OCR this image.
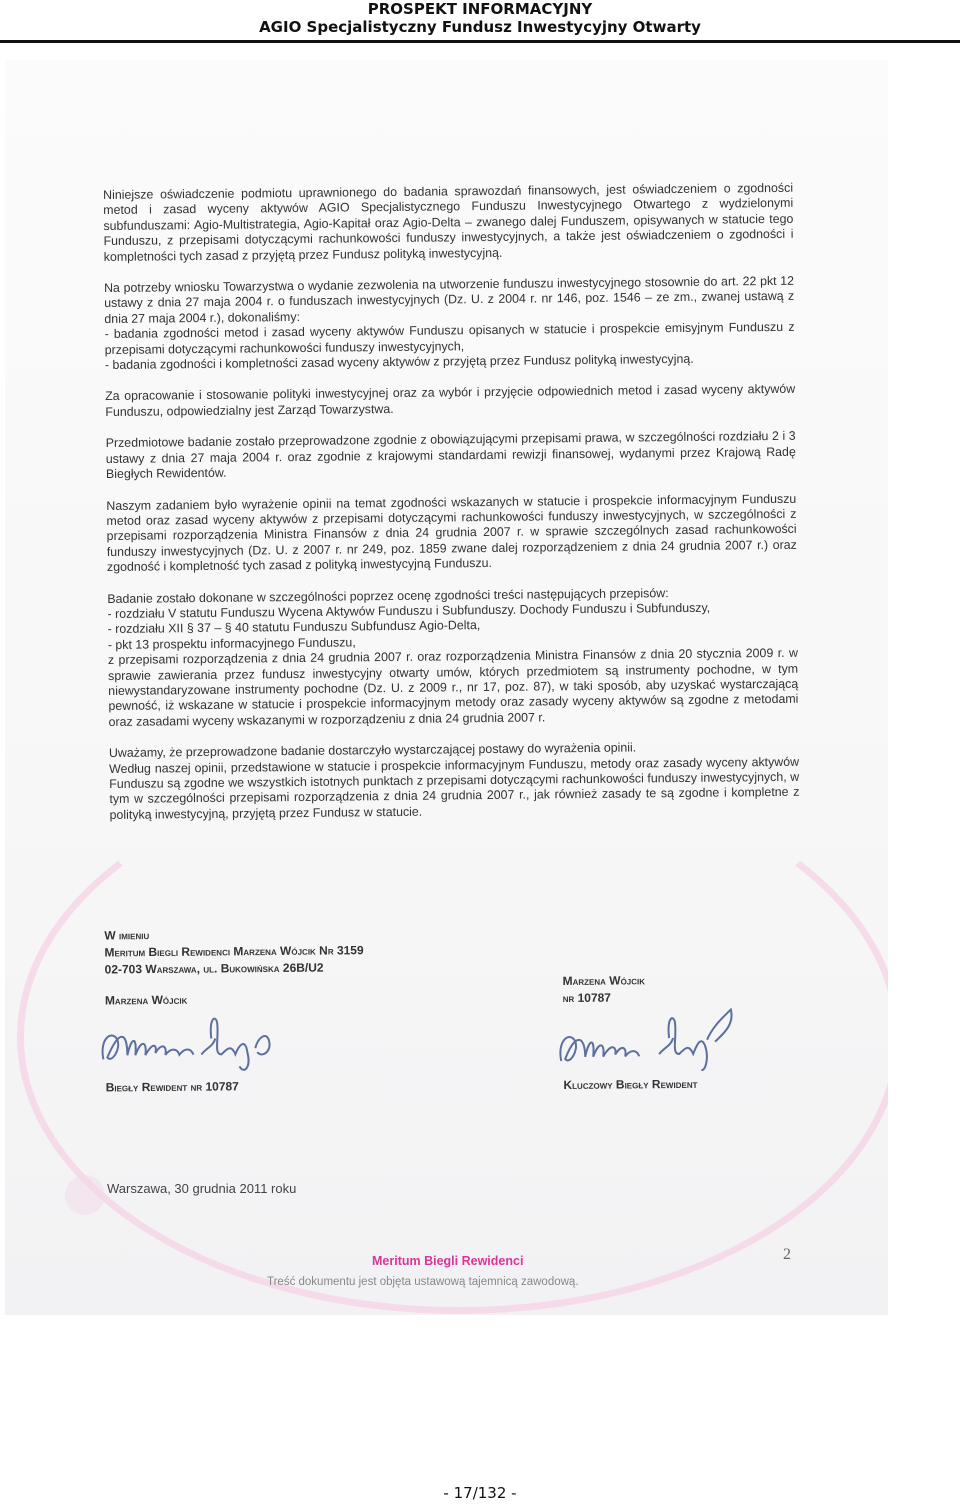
PROSPEKT INFORMACYJNY
AGIO Specjalistyczny Fundusz Inwestycyjny Otwarty

Niniejsze oświadczenie podmiotu uprawnionego do badania sprawozdań finansowych, jest oświadczeniem o zgodności metod i zasad wyceny aktywów AGIO Specjalistycznego Funduszu Inwestycyjnego Otwartego z wydzielonymi subfunduszami: Agio-Multistrategia, Agio-Kapitał oraz Agio-Delta – zwanego dalej Funduszem, opisywanych w statucie tego Funduszu, z przepisami dotyczącymi rachunkowości funduszy inwestycyjnych, a także jest oświadczeniem o zgodności i kompletności tych zasad z przyjętą przez Fundusz polityką inwestycyjną.

Na potrzeby wniosku Towarzystwa o wydanie zezwolenia na utworzenie funduszu inwestycyjnego stosownie do art. 22 pkt 12 ustawy z dnia 27 maja 2004 r. o funduszach inwestycyjnych (Dz. U. z 2004 r. nr 146, poz. 1546 – ze zm., zwanej ustawą z dnia 27 maja 2004 r.), dokonaliśmy:
- badania zgodności metod i zasad wyceny aktywów Funduszu opisanych w statucie i prospekcie emisyjnym Funduszu z przepisami dotyczącymi rachunkowości funduszy inwestycyjnych,
- badania zgodności i kompletności zasad wyceny aktywów z przyjętą przez Fundusz polityką inwestycyjną.

Za opracowanie i stosowanie polityki inwestycyjnej oraz za wybór i przyjęcie odpowiednich metod i zasad wyceny aktywów Funduszu, odpowiedzialny jest Zarząd Towarzystwa.

Przedmiotowe badanie zostało przeprowadzone zgodnie z obowiązującymi przepisami prawa, w szczególności rozdziału 2 i 3 ustawy z dnia 27 maja 2004 r. oraz zgodnie z krajowymi standardami rewizji finansowej, wydanymi przez Krajową Radę Biegłych Rewidentów.

Naszym zadaniem było wyrażenie opinii na temat zgodności wskazanych w statucie i prospekcie informacyjnym Funduszu metod oraz zasad wyceny aktywów z przepisami dotyczącymi rachunkowości funduszy inwestycyjnych, w szczególności z przepisami rozporządzenia Ministra Finansów z dnia 24 grudnia 2007 r. w sprawie szczególnych zasad rachunkowości funduszy inwestycyjnych (Dz. U. z 2007 r. nr 249, poz. 1859 zwane dalej rozporządzeniem z dnia 24 grudnia 2007 r.) oraz zgodność i kompletność tych zasad z polityką inwestycyjną Funduszu.

Badanie zostało dokonane w szczególności poprzez ocenę zgodności treści następujących przepisów:
- rozdziału V statutu Funduszu Wycena Aktywów Funduszu i Subfunduszy. Dochody Funduszu i Subfunduszy,
- rozdziału XII § 37 – § 40 statutu Funduszu Subfundusz Agio-Delta,
- pkt 13 prospektu informacyjnego Funduszu,
z przepisami rozporządzenia z dnia 24 grudnia 2007 r. oraz rozporządzenia Ministra Finansów z dnia 20 stycznia 2009 r. w sprawie zawierania przez fundusz inwestycyjny otwarty umów, których przedmiotem są instrumenty pochodne, w tym niewystandaryzowane instrumenty pochodne (Dz. U. z 2009 r., nr 17, poz. 87), w taki sposób, aby uzyskać wystarczającą pewność, iż wskazane w statucie i prospekcie informacyjnym metody oraz zasady wyceny aktywów są zgodne z metodami oraz zasadami wyceny wskazanymi w rozporządzeniu z dnia 24 grudnia 2007 r.

Uważamy, że przeprowadzone badanie dostarczyło wystarczającej postawy do wyrażenia opinii.
Według naszej opinii, przedstawione w statucie i prospekcie informacyjnym Funduszu, metody oraz zasady wyceny aktywów Funduszu są zgodne we wszystkich istotnych punktach z przepisami dotyczącymi rachunkowości funduszy inwestycyjnych, w tym w szczególności przepisami rozporządzenia z dnia 24 grudnia 2007 r., jak również zasady te są zgodne i kompletne z polityką inwestycyjną, przyjętą przez Fundusz w statucie.

W imieniu
Meritum Biegli Rewidenci Marzena Wójcik Nr 3159
02-703 Warszawa, ul. Bukowińska 26B/U2
Marzena Wójcik
Biegły Rewident nr 10787
Marzena Wójcik
nr 10787
Kluczowy Biegły Rewident
Warszawa, 30 grudnia 2011 roku
Meritum Biegli Rewidenci	2
Treść dokumentu jest objęta ustawową tajemnicą zawodową.
- 17/132 -
